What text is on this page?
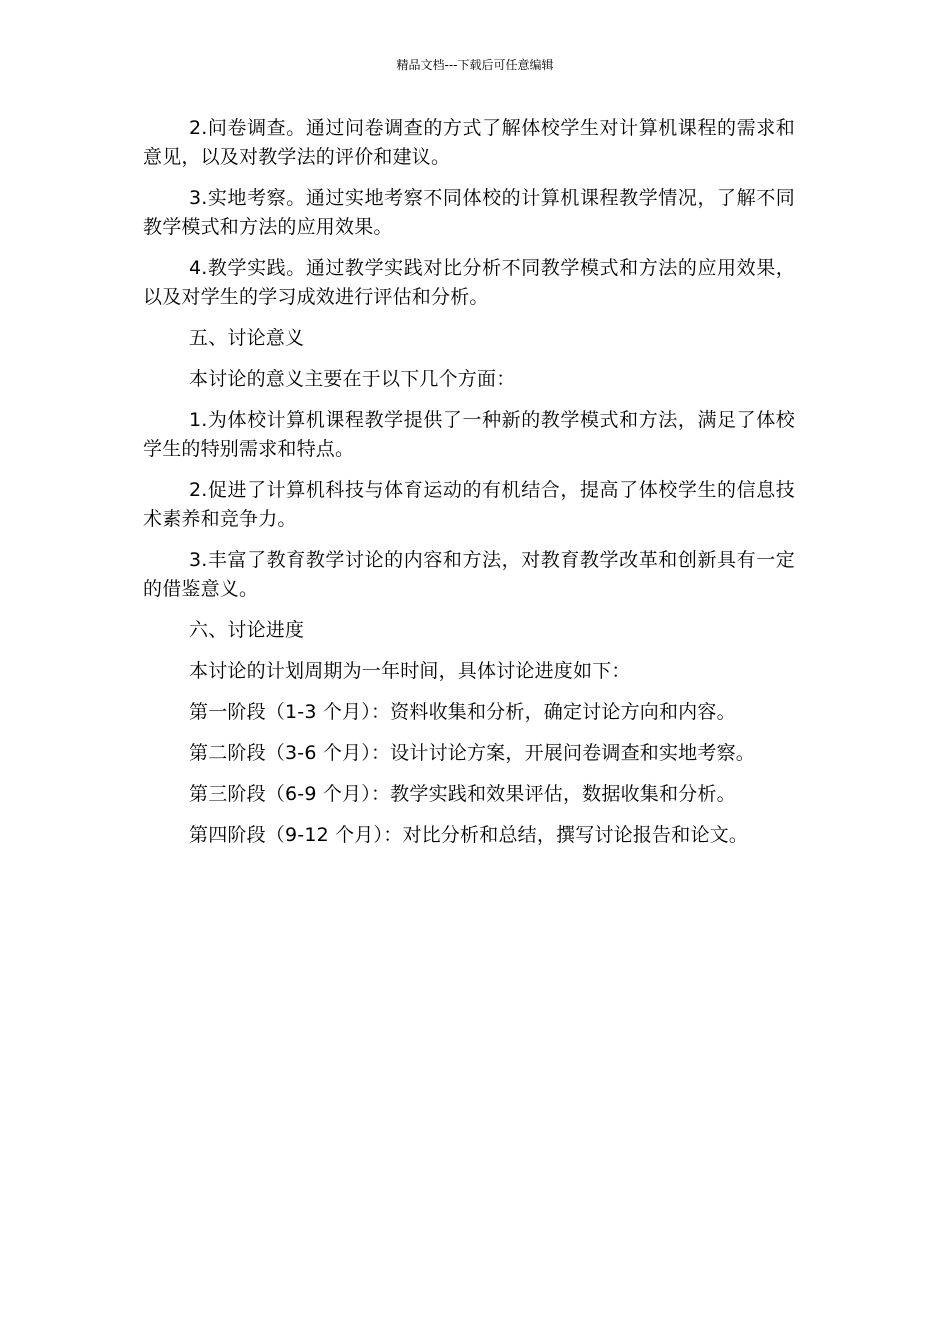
精品文档---下载后可任意编辑

2.问卷调查。通过问卷调查的方式了解体校学生对计算机课程的需求和意见，以及对教学法的评价和建议。

3.实地考察。通过实地考察不同体校的计算机课程教学情况，了解不同教学模式和方法的应用效果。

4.教学实践。通过教学实践对比分析不同教学模式和方法的应用效果，以及对学生的学习成效进行评估和分析。

五、讨论意义

本讨论的意义主要在于以下几个方面：

1.为体校计算机课程教学提供了一种新的教学模式和方法，满足了体校学生的特别需求和特点。

2.促进了计算机科技与体育运动的有机结合，提高了体校学生的信息技术素养和竞争力。

3.丰富了教育教学讨论的内容和方法，对教育教学改革和创新具有一定的借鉴意义。

六、讨论进度

本讨论的计划周期为一年时间，具体讨论进度如下：

第一阶段（1-3 个月）：资料收集和分析，确定讨论方向和内容。

第二阶段（3-6 个月）：设计讨论方案，开展问卷调查和实地考察。

第三阶段（6-9 个月）：教学实践和效果评估，数据收集和分析。

第四阶段（9-12 个月）：对比分析和总结，撰写讨论报告和论文。
